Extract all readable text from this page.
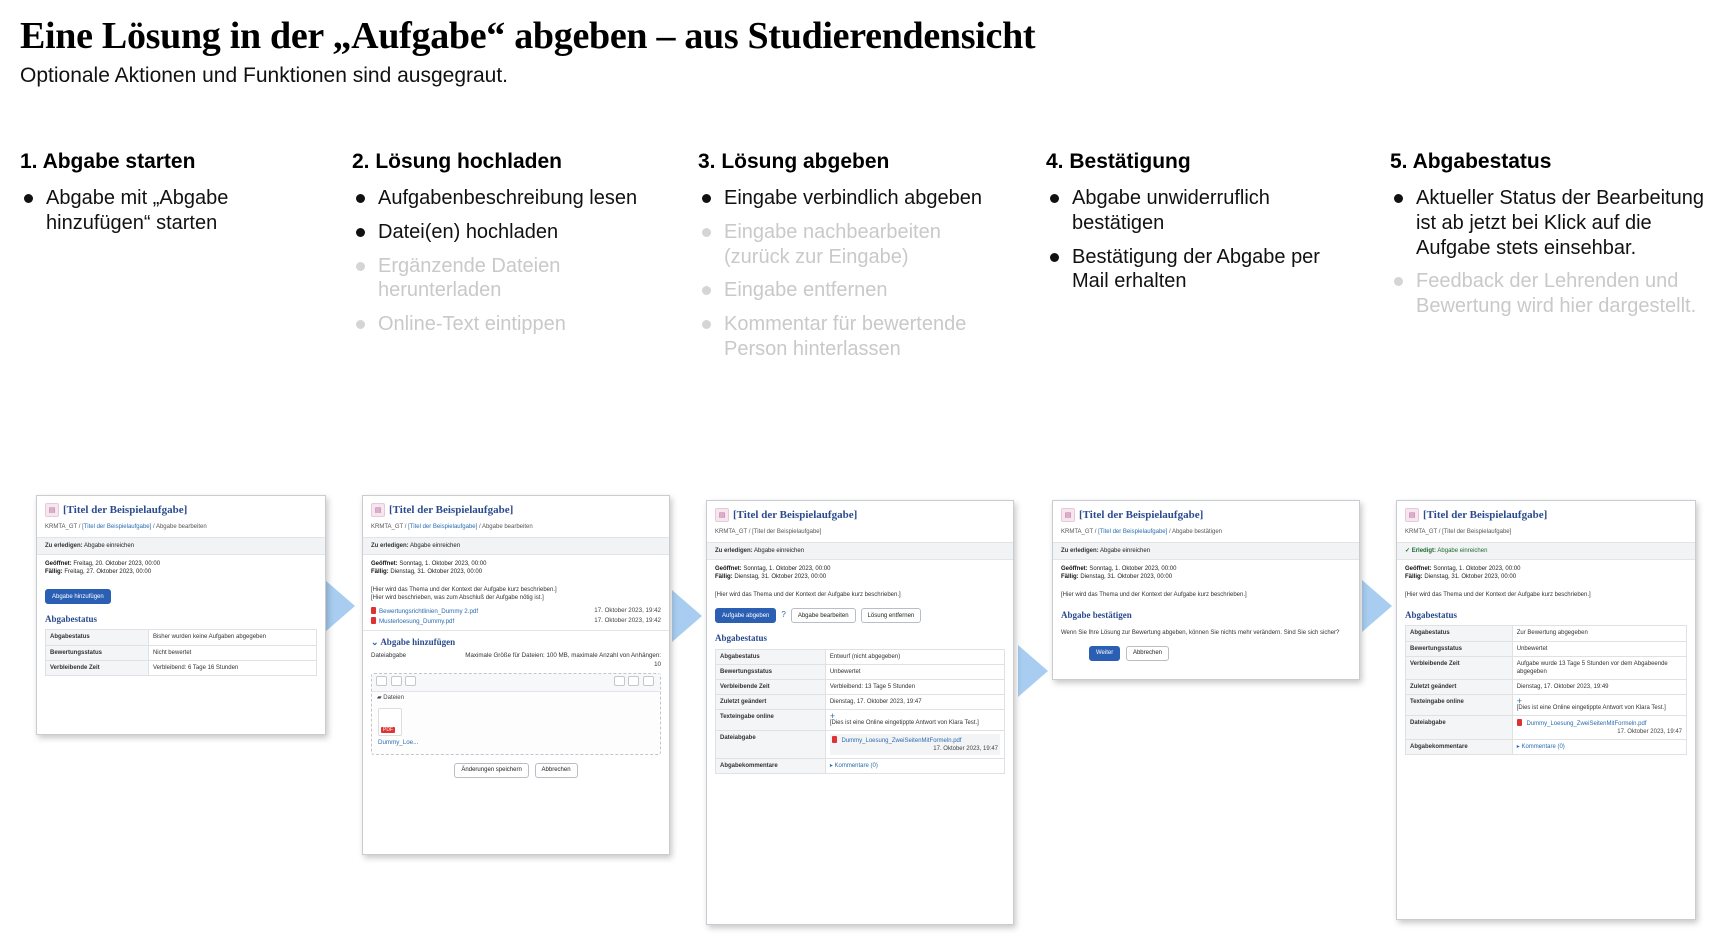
Eine Lösung in der „Aufgabe“ abgeben – aus Studierendensicht
Optionale Aktionen und Funktionen sind ausgegraut.
1. Abgabe starten
Abgabe mit „Abgabe hinzufügen“ starten
2. Lösung hochladen
Aufgabenbeschreibung lesen
Datei(en) hochladen
Ergänzende Dateien herunterladen
Online-Text eintippen
3. Lösung abgeben
Eingabe verbindlich abgeben
Eingabe nachbearbeiten (zurück zur Eingabe)
Eingabe entfernen
Kommentar für bewertende Person hinterlassen
4. Bestätigung
Abgabe unwiderruflich bestätigen
Bestätigung der Abgabe per Mail erhalten
5. Abgabestatus
Aktueller Status der Bearbeitung ist ab jetzt bei Klick auf die Aufgabe stets einsehbar.
Feedback der Lehrenden und Bewertung wird hier dargestellt.
▤ [Titel der Beispielaufgabe]
KRMTA_GT / [Titel der Beispielaufgabe] / Abgabe bearbeiten
Zu erledigen: Abgabe einreichen
Geöffnet: Freitag, 20. Oktober 2023, 00:00
Fällig: Freitag, 27. Oktober 2023, 00:00
Abgabe hinzufügen
Abgabestatus
Abgabestatus	Bisher wurden keine Aufgaben abgegeben
Bewertungsstatus	Nicht bewertet
Verbleibende Zeit	Verbleibend: 6 Tage 16 Stunden
▤ [Titel der Beispielaufgabe]
KRMTA_GT / [Titel der Beispielaufgabe] / Abgabe bearbeiten
Zu erledigen: Abgabe einreichen
Geöffnet: Sonntag, 1. Oktober 2023, 00:00
Fällig: Dienstag, 31. Oktober 2023, 00:00
[Hier wird das Thema und der Kontext der Aufgabe kurz beschrieben.]
[Hier wird beschrieben, was zum Abschluß der Aufgabe nötig ist.]
Bewertungsrichtlinien_Dummy 2.pdf	17. Oktober 2023, 19:42
Musterloesung_Dummy.pdf	17. Oktober 2023, 19:42
⌄ Abgabe hinzufügen
Dateiabgabe	Maximale Größe für Dateien: 100 MB, maximale Anzahl von Anhängen: 10

▰ Dateien
PDF
Dummy_Loe...
Änderungen speichern	Abbrechen
▤ [Titel der Beispielaufgabe]
KRMTA_GT / [Titel der Beispielaufgabe]
Zu erledigen: Abgabe einreichen
Geöffnet: Sonntag, 1. Oktober 2023, 00:00
Fällig: Dienstag, 31. Oktober 2023, 00:00
[Hier wird das Thema und der Kontext der Aufgabe kurz beschrieben.]
Aufgabe abgeben	?	Abgabe bearbeiten	Lösung entfernen
Abgabestatus
Abgabestatus	Entwurf (nicht abgegeben)
Bewertungsstatus	Unbewertet
Verbleibende Zeit	Verbleibend: 13 Tage 5 Stunden
Zuletzt geändert	Dienstag, 17. Oktober 2023, 19:47
Texteingabe online	+
[Dies ist eine Online eingetippte Antwort von Klara Test.]

Dateiabgabe	Dummy_Loesung_ZweiSeitenMitFormeln.pdf
17. Oktober 2023, 19:47

Abgabekommentare	▸ Kommentare (0)
▤ [Titel der Beispielaufgabe]
KRMTA_GT / [Titel der Beispielaufgabe] / Abgabe bestätigen
Zu erledigen: Abgabe einreichen
Geöffnet: Sonntag, 1. Oktober 2023, 00:00
Fällig: Dienstag, 31. Oktober 2023, 00:00
[Hier wird das Thema und der Kontext der Aufgabe kurz beschrieben.]
Abgabe bestätigen
Wenn Sie Ihre Lösung zur Bewertung abgeben, können Sie nichts mehr verändern. Sind Sie sich sicher?
Weiter	Abbrechen
▤ [Titel der Beispielaufgabe]
KRMTA_GT / [Titel der Beispielaufgabe]
✓ Erledigt: Abgabe einreichen
Geöffnet: Sonntag, 1. Oktober 2023, 00:00
Fällig: Dienstag, 31. Oktober 2023, 00:00
[Hier wird das Thema und der Kontext der Aufgabe kurz beschrieben.]
Abgabestatus
Abgabestatus	Zur Bewertung abgegeben
Bewertungsstatus	Unbewertet
Verbleibende Zeit	Aufgabe wurde 13 Tage 5 Stunden vor dem Abgabeende abgegeben
Zuletzt geändert	Dienstag, 17. Oktober 2023, 19:49
Texteingabe online	+
[Dies ist eine Online eingetippte Antwort von Klara Test.]

Dateiabgabe	Dummy_Loesung_ZweiSeitenMitFormeln.pdf
17. Oktober 2023, 19:47

Abgabekommentare	▸ Kommentare (0)
